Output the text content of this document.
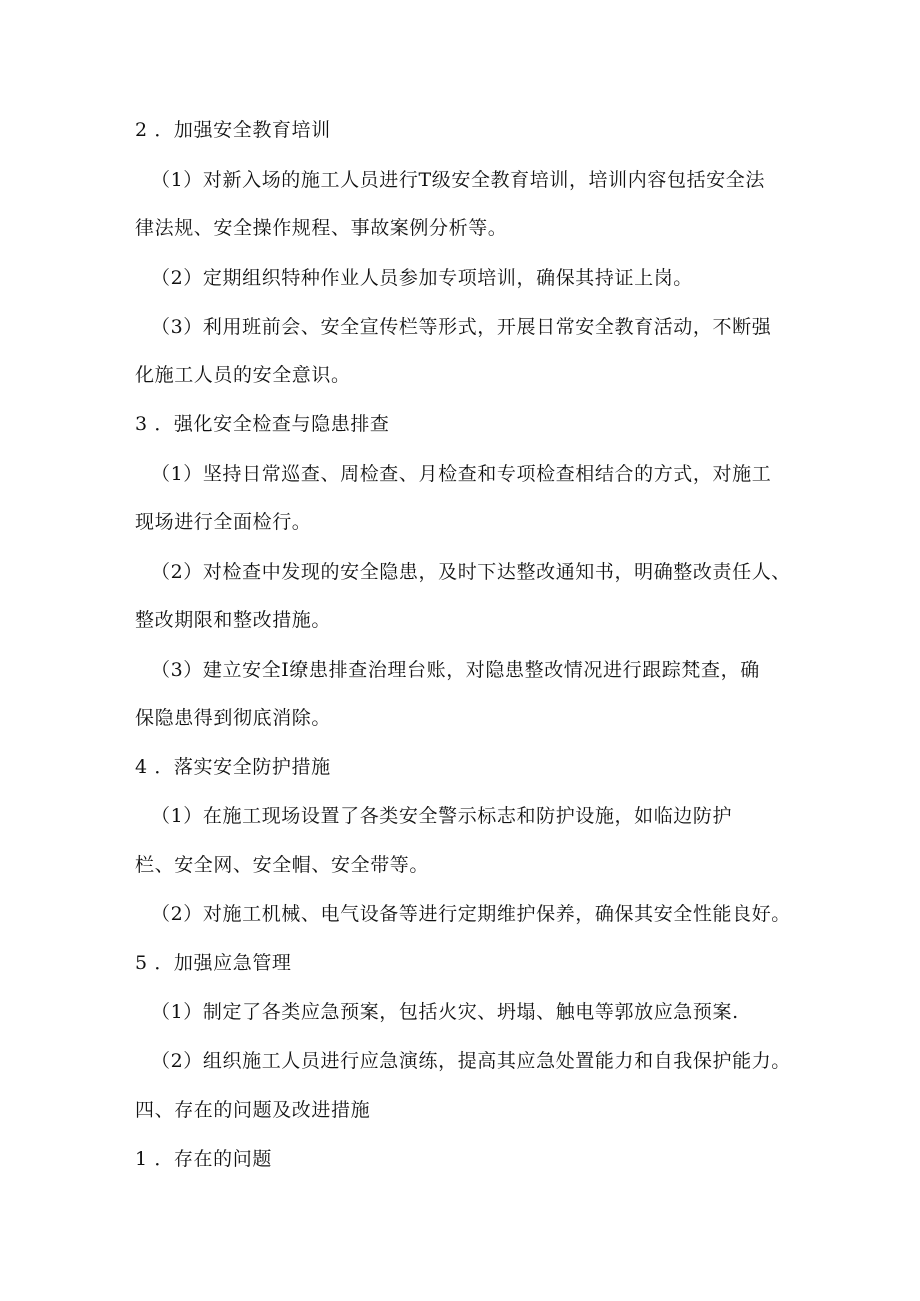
2 ．加强安全教育培训
（1）对新入场的施工人员进行T级安全教育培训，培训内容包括安全法
律法规、安全操作规程、事故案例分析等。
（2）定期组织特种作业人员参加专项培训，确保其持证上岗。
（3）利用班前会、安全宣传栏等形式，开展日常安全教育活动，不断强
化施工人员的安全意识。
3 ．强化安全检查与隐患排查
（1）坚持日常巡查、周检查、月检查和专项检查相结合的方式，对施工
现场进行全面检行。
（2）对检查中发现的安全隐患，及时下达整改通知书，明确整改责任人、
整改期限和整改措施。
（3）建立安全I缭患排查治理台账，对隐患整改情况进行跟踪梵查，确
保隐患得到彻底消除。
4 ．落实安全防护措施
（1）在施工现场设置了各类安全警示标志和防护设施，如临边防护
栏、安全网、安全帽、安全带等。
（2）对施工机械、电气设备等进行定期维护保养，确保其安全性能良好。
5 ．加强应急管理
（1）制定了各类应急预案，包括火灾、坍塌、触电等郭放应急预案.
（2）组织施工人员进行应急演练，提高其应急处置能力和自我保护能力。
四、存在的问题及改进措施
1 ．存在的问题
